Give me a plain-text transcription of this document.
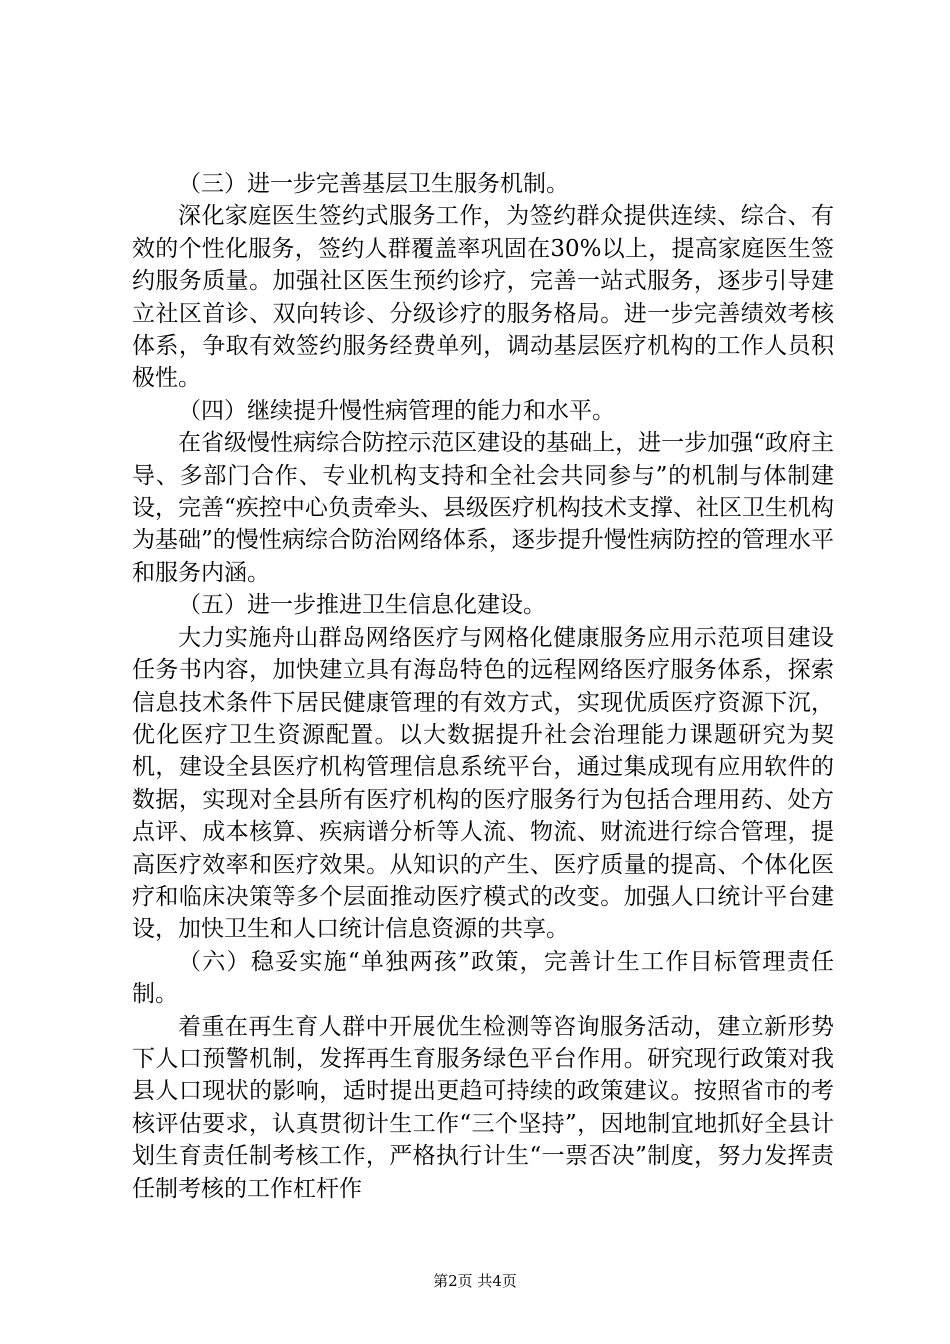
（三）进一步完善基层卫生服务机制。

深化家庭医生签约式服务工作，为签约群众提供连续、综合、有效的个性化服务，签约人群覆盖率巩固在30%以上，提高家庭医生签约服务质量。加强社区医生预约诊疗，完善一站式服务，逐步引导建立社区首诊、双向转诊、分级诊疗的服务格局。进一步完善绩效考核体系，争取有效签约服务经费单列，调动基层医疗机构的工作人员积极性。

（四）继续提升慢性病管理的能力和水平。

在省级慢性病综合防控示范区建设的基础上，进一步加强“政府主导、多部门合作、专业机构支持和全社会共同参与”的机制与体制建设，完善“疾控中心负责牵头、县级医疗机构技术支撑、社区卫生机构为基础”的慢性病综合防治网络体系，逐步提升慢性病防控的管理水平和服务内涵。

（五）进一步推进卫生信息化建设。

大力实施舟山群岛网络医疗与网格化健康服务应用示范项目建设任务书内容，加快建立具有海岛特色的远程网络医疗服务体系，探索信息技术条件下居民健康管理的有效方式，实现优质医疗资源下沉，优化医疗卫生资源配置。以大数据提升社会治理能力课题研究为契机，建设全县医疗机构管理信息系统平台，通过集成现有应用软件的数据，实现对全县所有医疗机构的医疗服务行为包括合理用药、处方点评、成本核算、疾病谱分析等人流、物流、财流进行综合管理，提高医疗效率和医疗效果。从知识的产生、医疗质量的提高、个体化医疗和临床决策等多个层面推动医疗模式的改变。加强人口统计平台建设，加快卫生和人口统计信息资源的共享。

（六）稳妥实施“单独两孩”政策，完善计生工作目标管理责任制。

着重在再生育人群中开展优生检测等咨询服务活动，建立新形势下人口预警机制，发挥再生育服务绿色平台作用。研究现行政策对我县人口现状的影响，适时提出更趋可持续的政策建议。按照省市的考核评估要求，认真贯彻计生工作“三个坚持”，因地制宜地抓好全县计划生育责任制考核工作，严格执行计生“一票否决”制度，努力发挥责任制考核的工作杠杆作

第2页 共4页
